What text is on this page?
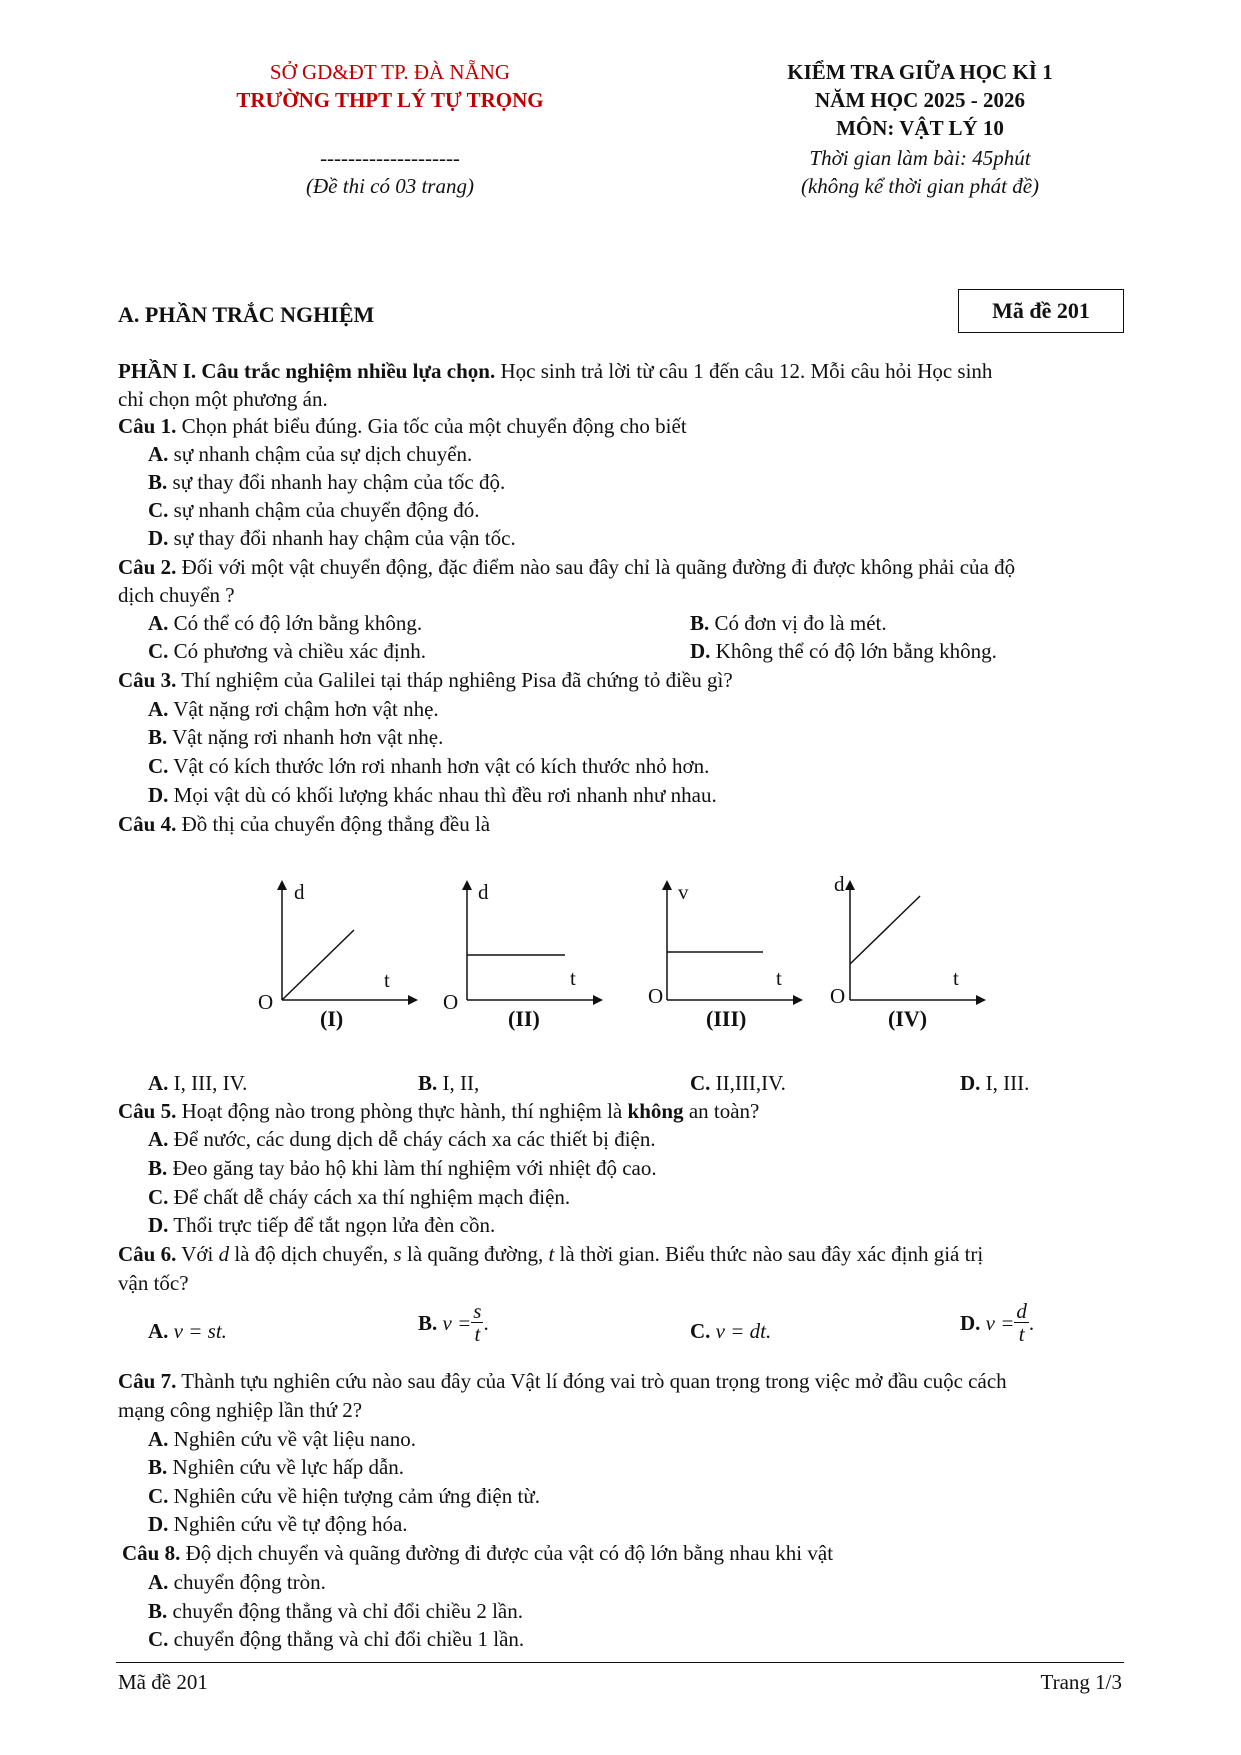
SỞ GD&ĐT TP. ĐÀ NẴNG
TRƯỜNG THPT LÝ TỰ TRỌNG
--------------------
(Đề thi có 03 trang)
KIỂM TRA GIỮA HỌC KÌ 1
NĂM HỌC 2025 - 2026
MÔN: VẬT LÝ 10
Thời gian làm bài: 45phút
(không kể thời gian phát đề)
A. PHẦN TRẮC NGHIỆM	Mã đề 201
PHẦN I. Câu trắc nghiệm nhiều lựa chọn. Học sinh trả lời từ câu 1 đến câu 12. Mỗi câu hỏi Học sinh
chỉ chọn một phương án.
Câu 1. Chọn phát biểu đúng. Gia tốc của một chuyển động cho biết
A. sự nhanh chậm của sự dịch chuyển.
B. sự thay đổi nhanh hay chậm của tốc độ.
C. sự nhanh chậm của chuyển động đó.
D. sự thay đổi nhanh hay chậm của vận tốc.
Câu 2. Đối với một vật chuyển động, đặc điểm nào sau đây chỉ là quãng đường đi được không phải của độ
dịch chuyển ?
A. Có thể có độ lớn bằng không.	B. Có đơn vị đo là mét.
C. Có phương và chiều xác định.	D. Không thể có độ lớn bằng không.
Câu 3. Thí nghiệm của Galilei tại tháp nghiêng Pisa đã chứng tỏ điều gì?
A. Vật nặng rơi chậm hơn vật nhẹ.
B. Vật nặng rơi nhanh hơn vật nhẹ.
C. Vật có kích thước lớn rơi nhanh hơn vật có kích thước nhỏ hơn.
D. Mọi vật dù có khối lượng khác nhau thì đều rơi nhanh như nhau.
Câu 4. Đồ thị của chuyển động thẳng đều là
d
t
O
(I)
d
t
O
(II)
v
t
O
(III)
d
t
O
(IV)
A. I, III, IV.	B. I, II,	C. II,III,IV.	D. I, III.
Câu 5. Hoạt động nào trong phòng thực hành, thí nghiệm là không an toàn?
A. Để nước, các dung dịch dễ cháy cách xa các thiết bị điện.
B. Đeo găng tay bảo hộ khi làm thí nghiệm với nhiệt độ cao.
C. Để chất dễ cháy cách xa thí nghiệm mạch điện.
D. Thổi trực tiếp để tắt ngọn lửa đèn cồn.
Câu 6. Với d là độ dịch chuyển, s là quãng đường, t là thời gian. Biểu thức nào sau đây xác định giá trị
vận tốc?
A. v = st.	B.
$v = \frac{s}{t}$ .	C. v = dt.	D.
$v = \frac{d}{t}$ .
Câu 7. Thành tựu nghiên cứu nào sau đây của Vật lí đóng vai trò quan trọng trong việc mở đầu cuộc cách
mạng công nghiệp lần thứ 2?
A. Nghiên cứu về vật liệu nano.
B. Nghiên cứu về lực hấp dẫn.
C. Nghiên cứu về hiện tượng cảm ứng điện từ.
D. Nghiên cứu về tự động hóa.
Câu 8. Độ dịch chuyển và quãng đường đi được của vật có độ lớn bằng nhau khi vật
A. chuyển động tròn.
B. chuyển động thẳng và chỉ đổi chiều 2 lần.
C. chuyển động thẳng và chỉ đổi chiều 1 lần.
Mã đề 201	Trang 1/3
